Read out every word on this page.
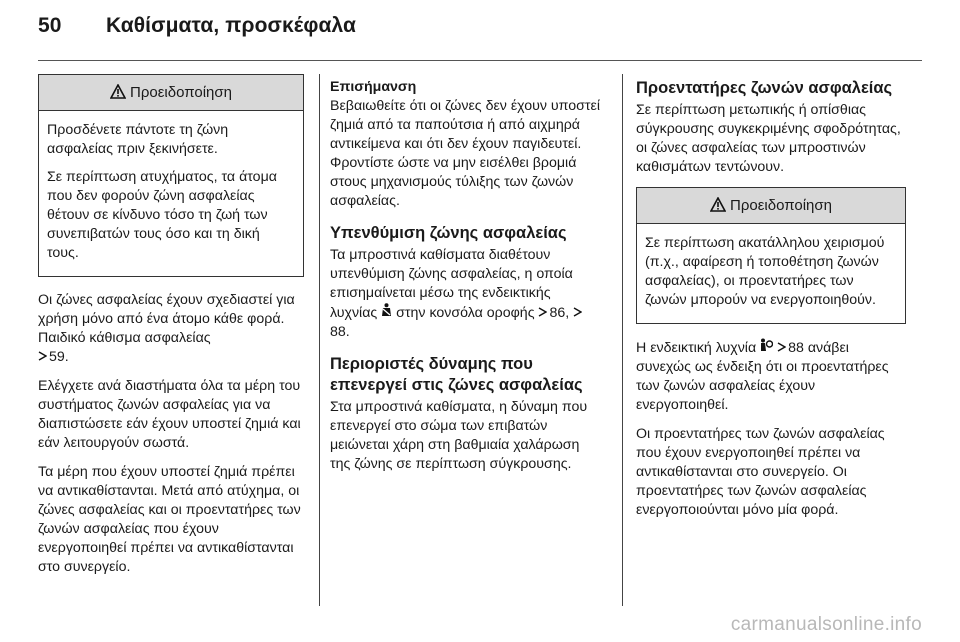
50 Καθίσματα, προσκέφαλα
Προειδοποίηση

Προσδένετε πάντοτε τη ζώνη ασφαλείας πριν ξεκινήσετε.

Σε περίπτωση ατυχήματος, τα άτομα που δεν φορούν ζώνη ασφαλείας θέτουν σε κίνδυνο τόσο τη ζωή των συνεπιβατών τους όσο και τη δική τους.

Οι ζώνες ασφαλείας έχουν σχεδιαστεί για χρήση μόνο από ένα άτομο κάθε φορά. Παιδικό κάθισμα ασφαλείας
59.

Ελέγχετε ανά διαστήματα όλα τα μέρη του συστήματος ζωνών ασφαλείας για να διαπιστώσετε εάν έχουν υποστεί ζημιά και εάν λειτουργούν σωστά.

Τα μέρη που έχουν υποστεί ζημιά πρέπει να αντικαθίστανται. Μετά από ατύχημα, οι ζώνες ασφαλείας και οι προεντατήρες των ζωνών ασφαλείας που έχουν ενεργοποιηθεί πρέπει να αντικαθίστανται στο συνεργείο.

Επισήμανση

Βεβαιωθείτε ότι οι ζώνες δεν έχουν υποστεί ζημιά από τα παπούτσια ή από αιχμηρά αντικείμενα και ότι δεν έχουν παγιδευτεί. Φροντίστε ώστε να μην εισέλθει βρομιά στους μηχανισμούς τύλιξης των ζωνών ασφαλείας.

Υπενθύμιση ζώνης ασφαλείας

Τα μπροστινά καθίσματα διαθέτουν υπενθύμιση ζώνης ασφαλείας, η οποία επισημαίνεται μέσω της ενδεικτικής λυχνίας στην κονσόλα οροφής 86, 88.

Περιοριστές δύναμης που επενεργεί στις ζώνες ασφαλείας

Στα μπροστινά καθίσματα, η δύναμη που επενεργεί στο σώμα των επιβατών μειώνεται χάρη στη βαθμιαία χαλάρωση της ζώνης σε περίπτωση σύγκρουσης.

Προεντατήρες ζωνών ασφαλείας

Σε περίπτωση μετωπικής ή οπίσθιας σύγκρουσης συγκεκριμένης σφοδρότητας, οι ζώνες ασφαλείας των μπροστινών καθισμάτων τεντώνουν.

Προειδοποίηση

Σε περίπτωση ακατάλληλου χειρισμού (π.χ., αφαίρεση ή τοποθέτηση ζωνών ασφαλείας), οι προεντατήρες των ζωνών μπορούν να ενεργοποιηθούν.

Η ενδεικτική λυχνία 88 ανάβει συνεχώς ως ένδειξη ότι οι προεντατήρες των ζωνών ασφαλείας έχουν ενεργοποιηθεί.

Οι προεντατήρες των ζωνών ασφαλείας που έχουν ενεργοποιηθεί πρέπει να αντικαθίστανται στο συνεργείο. Οι προεντατήρες των ζωνών ασφαλείας ενεργοποιούνται μόνο μία φορά.

carmanualsonline.info
